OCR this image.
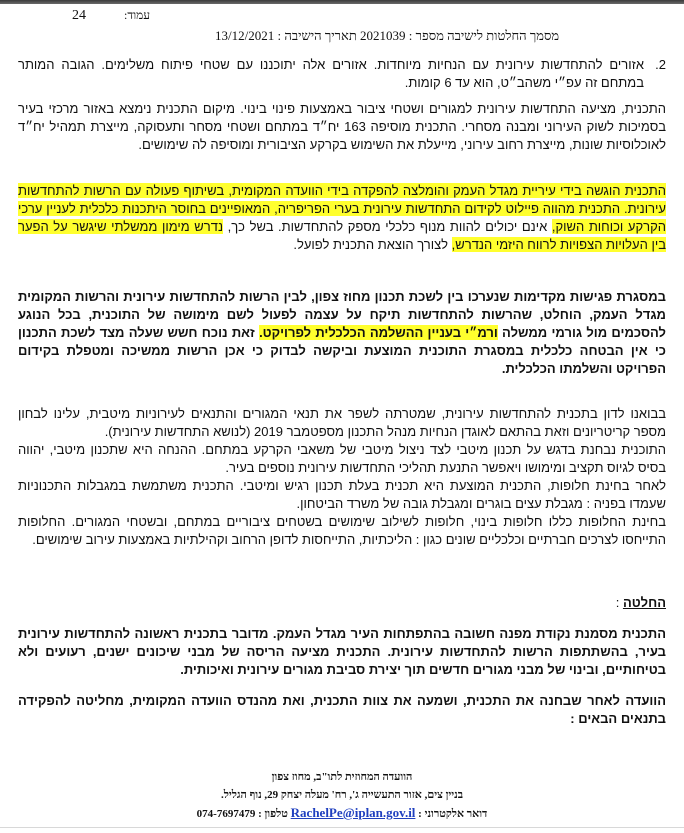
עמוד:
24
מסמך החלטות לישיבה מספר : 2021039 תאריך הישיבה : 13/12/2021
2.

אזורים להתחדשות עירונית עם הנחיות מיוחדות. אזורים אלה יתוכננו עם שטחי פיתוח משלימים. הגובה המותר במתחם זה עפ״י משהב״ט, הוא עד 6 קומות.

התכנית, מציעה התחדשות עירונית למגורים ושטחי ציבור באמצעות פינוי בינוי. מיקום התכנית נימצא באזור מרכזי בעיר בסמיכות לשוק העירוני ומבנה מסחרי. התכנית מוסיפה 163 יח״ד במתחם ושטחי מסחר ותעסוקה, מייצרת תמהיל יח״ד לאוכלוסיות שונות, מייצרת רחוב עירוני, מייעלת את השימוש בקרקע הציבורית ומוסיפה לה שימושים.

התכנית הוגשה בידי עיריית מגדל העמק והומלצה להפקדה בידי הוועדה המקומית, בשיתוף פעולה עם הרשות להתחדשות עירונית. התכנית מהווה פיילוט לקידום התחדשות עירונית בערי הפריפריה, המאופיינים בחוסר היתכנות כלכלית לעניין ערכי הקרקע וכוחות השוק, אינם יכולים להוות מנוף כלכלי מספק להתחדשות. בשל כך, נדרש מימון ממשלתי שיגשר על הפער בין העלויות הצפויות לרווח היזמי הנדרש, לצורך הוצאת התכנית לפועל.

במסגרת פגישות מקדימות שנערכו בין לשכת תכנון מחוז צפון, לבין הרשות להתחדשות עירונית והרשות המקומית מגדל העמק, הוחלט, שהרשות להתחדשות תיקח על עצמה לפעול לשם מימושה של התוכנית, בכל הנוגע להסכמים מול גורמי ממשלה ורמ״י בעניין ההשלמה הכלכלית לפרויקט. זאת נוכח חשש שעלה מצד לשכת התכנון כי אין הבטחה כלכלית במסגרת התוכנית המוצעת וביקשה לבדוק כי אכן הרשות ממשיכה ומטפלת בקידום הפרויקט והשלמתו הכלכלית.

בבואנו לדון בתכנית להתחדשות עירונית, שמטרתה לשפר את תנאי המגורים והתנאים לעירוניות מיטבית, עלינו לבחון מספר קריטריונים וזאת בהתאם לאוגדן הנחיות מנהל התכנון מספטמבר 2019 (לנושא התחדשות עירונית).

התוכנית נבחנת בדגש על תכנון מיטבי לצד ניצול מיטבי של משאבי הקרקע במתחם. ההנחה היא שתכנון מיטבי, יהווה בסיס לגיוס תקציב ומימושו ויאפשר התנעת תהליכי התחדשות עירונית נוספים בעיר.

לאחר בחינת חלופות, התכנית המוצעת היא תכנית בעלת תכנון רגיש ומיטבי. התכנית משתמשת במגבלות התכנוניות שעמדו בפניה : מגבלת עצים בוגרים ומגבלת גובה של משרד הביטחון.

בחינת החלופות כללו חלופות בינוי, חלופות לשילוב שימושים בשטחים ציבוריים במתחם, ובשטחי המגורים. החלופות התייחסו לצרכים חברתיים וכלכליים שונים כגון : הליכתיות, התייחסות לדופן הרחוב וקהילתיות באמצעות עירוב שימושים.

החלטה :

התכנית מסמנת נקודת מפנה חשובה בהתפתחות העיר מגדל העמק. מדובר בתכנית ראשונה להתחדשות עירונית בעיר, בהשתתפות הרשות להתחדשות עירונית. התכנית מציעה הריסה של מבני שיכונים ישנים, רעועים ולא בטיחותיים, ובינוי של מבני מגורים חדשים תוך יצירת סביבת מגורים עירונית ואיכותית.

הוועדה לאחר שבחנה את התכנית, ושמעה את צוות התכנית, ואת מהנדס הוועדה המקומית, מחליטה להפקידה בתנאים הבאים :

הוועדה המחוזית לתו"ב, מחוז צפון
בניין צים, אזור התעשייה ג', רח' מעלה יצחק 29, נוף הגליל.
דואר אלקטרוני : RachelPe@iplan.gov.il טלפון : 074-7697479
